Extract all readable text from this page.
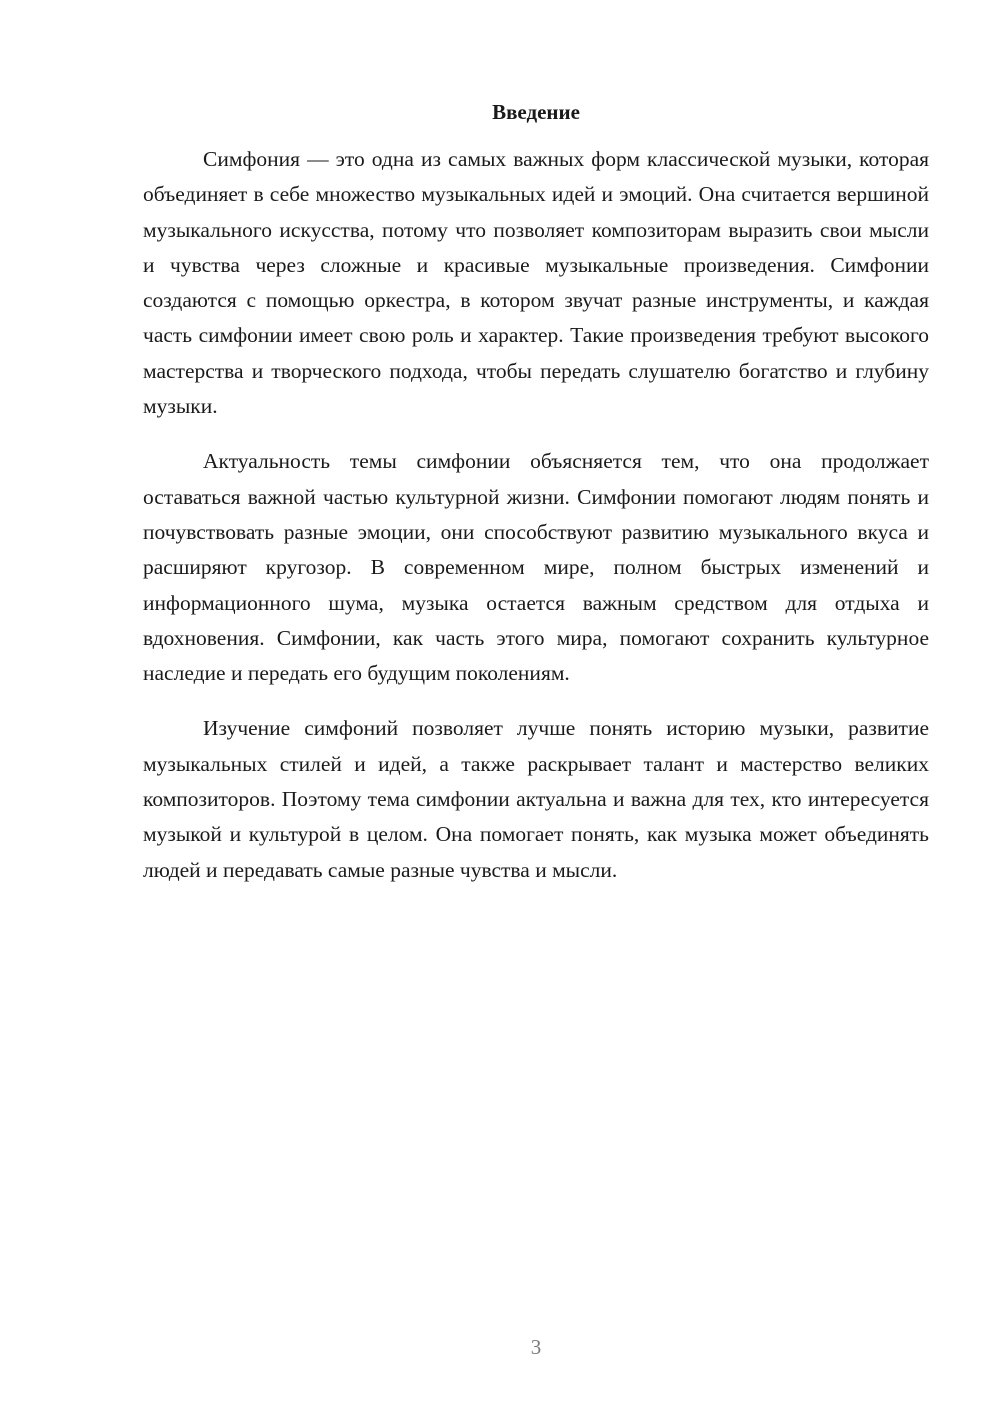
Введение

Симфония — это одна из самых важных форм классической музыки, которая объединяет в себе множество музыкальных идей и эмоций. Она считается вершиной музыкального искусства, потому что позволяет композиторам выразить свои мысли и чувства через сложные и красивые музыкальные произведения. Симфонии создаются с помощью оркестра, в котором звучат разные инструменты, и каждая часть симфонии имеет свою роль и характер. Такие произведения требуют высокого мастерства и творческого подхода, чтобы передать слушателю богатство и глубину музыки.

Актуальность темы симфонии объясняется тем, что она продолжает оставаться важной частью культурной жизни. Симфонии помогают людям понять и почувствовать разные эмоции, они способствуют развитию музыкального вкуса и расширяют кругозор. В современном мире, полном быстрых изменений и информационного шума, музыка остается важным средством для отдыха и вдохновения. Симфонии, как часть этого мира, помогают сохранить культурное наследие и передать его будущим поколениям.

Изучение симфоний позволяет лучше понять историю музыки, развитие музыкальных стилей и идей, а также раскрывает талант и мастерство великих композиторов. Поэтому тема симфонии актуальна и важна для тех, кто интересуется музыкой и культурой в целом. Она помогает понять, как музыка может объединять людей и передавать самые разные чувства и мысли.

3
